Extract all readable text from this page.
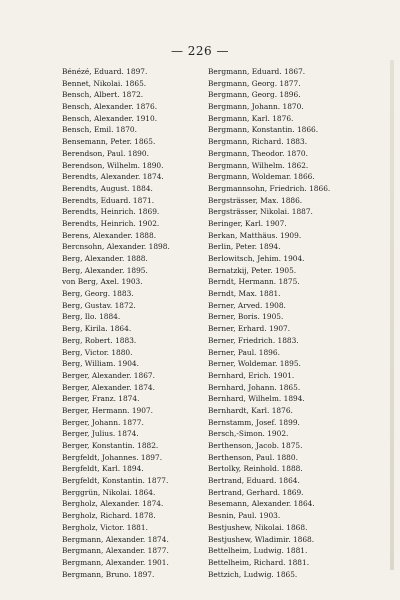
— 226 —
Bénézé, Eduard. 1897.
Bennet, Nikolai. 1865.
Bensch, Albert. 1872.
Bensch, Alexander. 1876.
Bensch, Alexander. 1910.
Bensch, Emil. 1870.
Bensemann, Peter. 1865.
Berendson, Paul. 1890.
Berendson, Wilhelm. 1890.
Berendts, Alexander. 1874.
Berendts, August. 1884.
Berendts, Eduard. 1871.
Berendts, Heinrich. 1869.
Berendts, Heinrich. 1902.
Berens, Alexander. 1888.
Bercnsohn, Alexander. 1898.
Berg, Alexander. 1888.
Berg, Alexander. 1895.
von Berg, Axel. 1903.
Berg, Georg. 1883.
Berg, Gustav. 1872.
Berg, Ilo. 1884.
Berg, Kirila. 1864.
Berg, Robert. 1883.
Berg, Victor. 1880.
Berg, William. 1904.
Berger, Alexander. 1867.
Berger, Alexander. 1874.
Berger, Franz. 1874.
Berger, Hermann. 1907.
Berger, Johann. 1877.
Berger, Julius. 1874.
Berger, Konstantin. 1882.
Bergfeldt, Johannes. 1897.
Bergfeldt, Karl. 1894.
Bergfeldt, Konstantin. 1877.
Berggrün, Nikolai. 1864.
Bergholz, Alexander. 1874.
Bergholz, Richard. 1878.
Bergholz, Victor. 1881.
Bergmann, Alexander. 1874.
Bergmann, Alexander. 1877.
Bergmann, Alexander. 1901.
Bergmann, Bruno. 1897.
Bergmann, Eduard. 1867.
Bergmann, Georg. 1877.
Bergmann, Georg. 1896.
Bergmann, Johann. 1870.
Bergmann, Karl. 1876.
Bergmann, Konstantin. 1866.
Bergmann, Richard. 1883.
Bergmann, Theodor. 1870.
Bergmann, Wilhelm. 1862.
Bergmann, Woldemar. 1866.
Bergmannsohn, Friedrich. 1866.
Bergsträsser, Max. 1886.
Bergsträsser, Nikolai. 1887.
Beringer, Karl. 1907.
Berkan, Matthäus. 1909.
Berlin, Peter. 1894.
Berlowitsch, Jehim. 1904.
Bernatzkij, Peter. 1905.
Berndt, Hermann. 1875.
Berndt, Max. 1881.
Berner, Arved. 1908.
Berner, Boris. 1905.
Berner, Erhard. 1907.
Berner, Friedrich. 1883.
Berner, Paul. 1896.
Berner, Woldemar. 1895.
Bernhard, Erich. 1901.
Bernhard, Johann. 1865.
Bernhard, Wilhelm. 1894.
Bernhardt, Karl. 1876.
Bernstamm, Josef. 1899.
Bersch,-Simon. 1902.
Berthenson, Jacob. 1875.
Berthenson, Paul. 1880.
Bertolky, Reinhold. 1888.
Bertrand, Eduard. 1864.
Bertrand, Gerhard. 1869.
Besemann, Alexander. 1864.
Besnin, Paul. 1903.
Bestjushew, Nikolai. 1868.
Bestjushew, Wladimir. 1868.
Bettelheim, Ludwig. 1881.
Bettelheim, Richard. 1881.
Bettzich, Ludwig. 1865.
